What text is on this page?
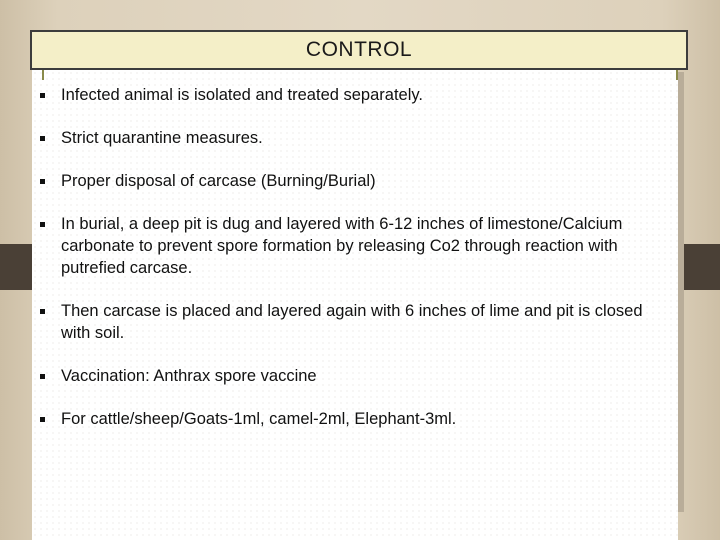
CONTROL
Infected animal is isolated and treated separately.
Strict quarantine measures.
Proper disposal of carcase (Burning/Burial)
In burial, a deep pit is dug and layered with 6-12 inches of limestone/Calcium carbonate to prevent spore formation by releasing Co2 through reaction with putrefied carcase.
Then carcase is placed and layered again with 6 inches of lime and pit is closed with soil.
Vaccination: Anthrax spore vaccine
For cattle/sheep/Goats-1ml, camel-2ml, Elephant-3ml.
